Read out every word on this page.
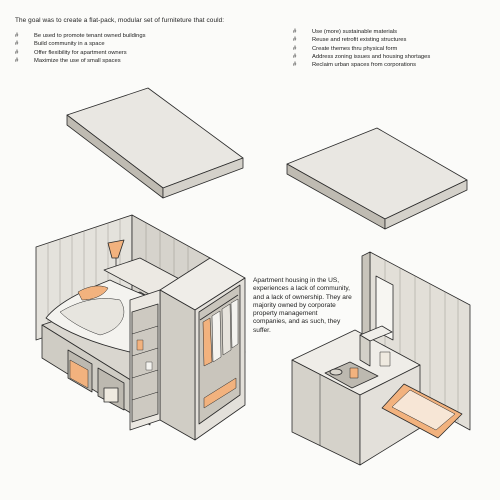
The goal was to create a flat-pack, modular set of furniteture that could:
#	Be used to promote tenant owned buildings
#	Build community in a space
#	Offer flexibility for apartment owners
#	Maximize the use of small spaces
#	Use (more) sustainable materials
#	Reuse and retrofit existing structures
#	Create themes thru physical form
#	Address zoning issues and housing shortages
#	Reclaim urban spaces from corporations
Apartment housing in the US, experiences a lack of community, and a lack of ownership. They are majority owned by corporate property management companies, and as such, they suffer.
